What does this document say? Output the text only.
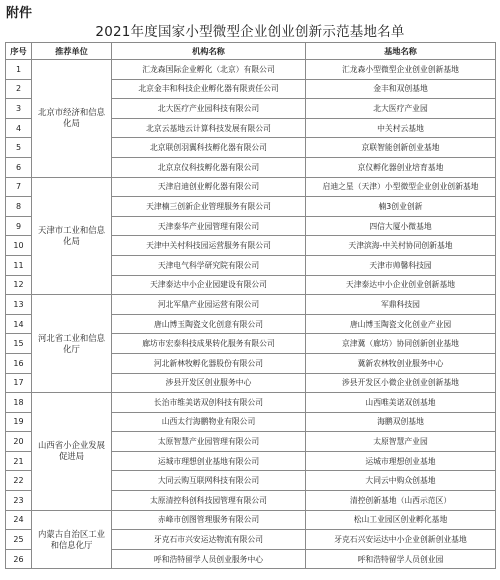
附件
2021年度国家小型微型企业创业创新示范基地名单
序号	推荐单位	机构名称	基地名称
1	北京市经济和信息化局	汇龙森国际企业孵化（北京）有限公司	汇龙森小型微型企业创业创新基地
2		北京金丰和科技企业孵化器有限责任公司	金丰和双创基地
3		北大医疗产业园科技有限公司	北大医疗产业园
4		北京云基地云计算科技发展有限公司	中关村云基地
5		北京联创羽翼科技孵化器有限公司	京联智能创新创业基地
6		北京京仪科技孵化器有限公司	京仪孵化器创业培育基地
7	天津市工业和信息化局	天津启迪创业孵化器有限公司	启迪之星（天津）小型微型企业创业创新基地
8		天津楠三创新企业管理服务有限公司	楠3创业创新
9		天津泰华产业园管理有限公司	四信大厦小微基地
10		天津中关村科技园运营服务有限公司	天津滨海-中关村协同创新基地
11		天津电气科学研究院有限公司	天津市帅馨科技园
12		天津泰达中小企业园建设有限公司	天津泰达中小企业创业创新基地
13	河北省工业和信息化厅	河北军鼎产业园运营有限公司	军鼎科技园
14		唐山博玉陶瓷文化创意有限公司	唐山博玉陶瓷文化创业产业园
15		廊坊市宏泰科技成果转化服务有限公司	京津冀（廊坊）协同创新创业基地
16		河北新林牧孵化器股份有限公司	冀新农林牧创业服务中心
17		涉县开发区创业服务中心	涉县开发区小微企业创业创新基地
18	山西省小企业发展促进局	长治市维美诺双创科技有限公司	山西唯美诺双创基地
19		山西太行海鹏物业有限公司	海鹏双创基地
20		太原智慧产业园管理有限公司	太原智慧产业园
21		运城市理想创业基地有限公司	运城市理想创业基地
22		大同云购互联网科技有限公司	大同云中购众创基地
23		太原清控科创科技园管理有限公司	清控创新基地（山西示范区）
24	内蒙古自治区工业和信息化厅	赤峰市创图管理服务有限公司	松山工业园区创业孵化基地
25		牙克石市兴安运达物流有限公司	牙克石兴安运达中小企业创新创业基地
26		呼和浩特留学人员创业服务中心	呼和浩特留学人员创业园
